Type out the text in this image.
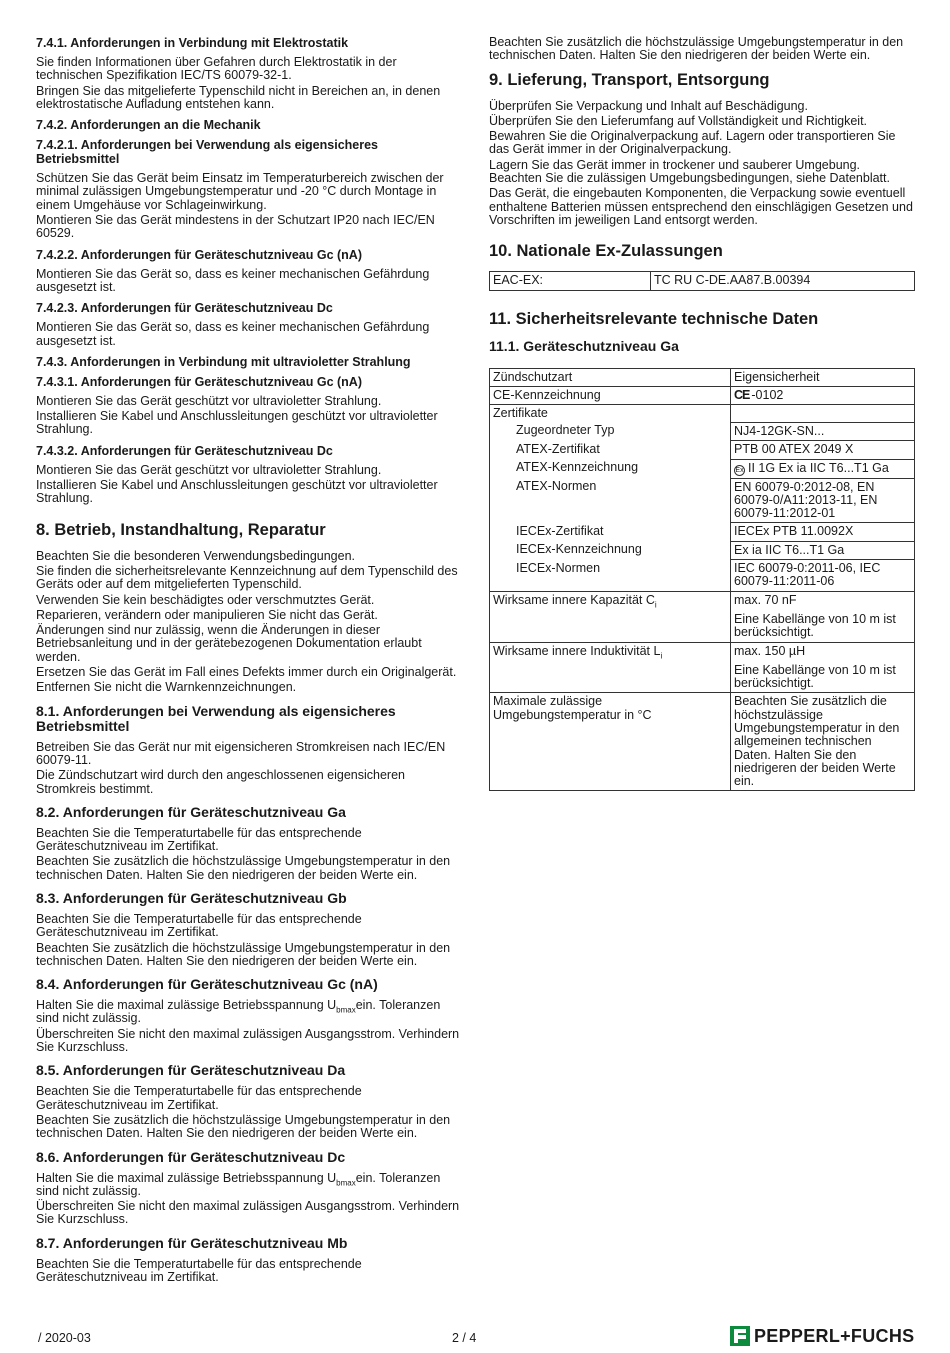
7.4.1. Anforderungen in Verbindung mit Elektrostatik
Sie finden Informationen über Gefahren durch Elektrostatik in der technischen Spezifikation IEC/TS 60079-32-1.
Bringen Sie das mitgelieferte Typenschild nicht in Bereichen an, in denen elektrostatische Aufladung entstehen kann.
7.4.2. Anforderungen an die Mechanik
7.4.2.1. Anforderungen bei Verwendung als eigensicheres Betriebsmittel
Schützen Sie das Gerät beim Einsatz im Temperaturbereich zwischen der minimal zulässigen Umgebungstemperatur und -20 °C durch Montage in einem Umgehäuse vor Schlageinwirkung.
Montieren Sie das Gerät mindestens in der Schutzart IP20 nach IEC/EN 60529.
7.4.2.2. Anforderungen für Geräteschutzniveau Gc (nA)
Montieren Sie das Gerät so, dass es keiner mechanischen Gefährdung ausgesetzt ist.
7.4.2.3. Anforderungen für Geräteschutzniveau Dc
Montieren Sie das Gerät so, dass es keiner mechanischen Gefährdung ausgesetzt ist.
7.4.3. Anforderungen in Verbindung mit ultravioletter Strahlung
7.4.3.1. Anforderungen für Geräteschutzniveau Gc (nA)
Montieren Sie das Gerät geschützt vor ultravioletter Strahlung.
Installieren Sie Kabel und Anschlussleitungen geschützt vor ultravioletter Strahlung.
7.4.3.2. Anforderungen für Geräteschutzniveau Dc
Montieren Sie das Gerät geschützt vor ultravioletter Strahlung.
Installieren Sie Kabel und Anschlussleitungen geschützt vor ultravioletter Strahlung.
8. Betrieb, Instandhaltung, Reparatur
Beachten Sie die besonderen Verwendungsbedingungen.
Sie finden die sicherheitsrelevante Kennzeichnung auf dem Typenschild des Geräts oder auf dem mitgelieferten Typenschild.
Verwenden Sie kein beschädigtes oder verschmutztes Gerät.
Reparieren, verändern oder manipulieren Sie nicht das Gerät.
Änderungen sind nur zulässig, wenn die Änderungen in dieser Betriebsanleitung und in der gerätebezogenen Dokumentation erlaubt werden.
Ersetzen Sie das Gerät im Fall eines Defekts immer durch ein Originalgerät.
Entfernen Sie nicht die Warnkennzeichnungen.
8.1. Anforderungen bei Verwendung als eigensicheres Betriebsmittel
Betreiben Sie das Gerät nur mit eigensicheren Stromkreisen nach IEC/EN 60079-11.
Die Zündschutzart wird durch den angeschlossenen eigensicheren Stromkreis bestimmt.
8.2. Anforderungen für Geräteschutzniveau Ga
Beachten Sie die Temperaturtabelle für das entsprechende Geräteschutzniveau im Zertifikat.
Beachten Sie zusätzlich die höchstzulässige Umgebungstemperatur in den technischen Daten. Halten Sie den niedrigeren der beiden Werte ein.
8.3. Anforderungen für Geräteschutzniveau Gb
Beachten Sie die Temperaturtabelle für das entsprechende Geräteschutzniveau im Zertifikat.
Beachten Sie zusätzlich die höchstzulässige Umgebungstemperatur in den technischen Daten. Halten Sie den niedrigeren der beiden Werte ein.
8.4. Anforderungen für Geräteschutzniveau Gc (nA)
Halten Sie die maximal zulässige Betriebsspannung $U_{bmax}ein$. Toleranzen sind nicht zulässig.
Überschreiten Sie nicht den maximal zulässigen Ausgangsstrom. Verhindern Sie Kurzschluss.
8.5. Anforderungen für Geräteschutzniveau Da
Beachten Sie die Temperaturtabelle für das entsprechende Geräteschutzniveau im Zertifikat.
Beachten Sie zusätzlich die höchstzulässige Umgebungstemperatur in den technischen Daten. Halten Sie den niedrigeren der beiden Werte ein.
8.6. Anforderungen für Geräteschutzniveau Dc
Halten Sie die maximal zulässige Betriebsspannung $U_{bmax}ein$. Toleranzen sind nicht zulässig.
Überschreiten Sie nicht den maximal zulässigen Ausgangsstrom. Verhindern Sie Kurzschluss.
8.7. Anforderungen für Geräteschutzniveau Mb
Beachten Sie die Temperaturtabelle für das entsprechende Geräteschutzniveau im Zertifikat.
Beachten Sie zusätzlich die höchstzulässige Umgebungstemperatur in den technischen Daten. Halten Sie den niedrigeren der beiden Werte ein.
9. Lieferung, Transport, Entsorgung
Überprüfen Sie Verpackung und Inhalt auf Beschädigung.
Überprüfen Sie den Lieferumfang auf Vollständigkeit und Richtigkeit.
Bewahren Sie die Originalverpackung auf. Lagern oder transportieren Sie das Gerät immer in der Originalverpackung.
Lagern Sie das Gerät immer in trockener und sauberer Umgebung. Beachten Sie die zulässigen Umgebungsbedingungen, siehe Datenblatt.
Das Gerät, die eingebauten Komponenten, die Verpackung sowie eventuell enthaltene Batterien müssen entsprechend den einschlägigen Gesetzen und Vorschriften im jeweiligen Land entsorgt werden.
10. Nationale Ex-Zulassungen
EAC-EX:	TC RU C-DE.AA87.B.00394
11. Sicherheitsrelevante technische Daten
11.1. Geräteschutzniveau Ga
Zündschutzart	Eigensicherheit
CE-Kennzeichnung	CE -0102
Zertifikate	
Zugeordneter Typ	NJ4-12GK-SN...
ATEX-Zertifikat	PTB 00 ATEX 2049 X
ATEX-Kennzeichnung	Ex II 1G Ex ia IIC T6...T1 Ga
ATEX-Normen	EN 60079-0:2012-08, EN 60079-0/A11:2013-11, EN 60079-11:2012-01
IECEx-Zertifikat	IECEx PTB 11.0092X
IECEx-Kennzeichnung	Ex ia IIC T6...T1 Ga
IECEx-Normen	IEC 60079-0:2011-06, IEC 60079-11:2011-06
Wirksame innere Kapazität $C_i$	max. 70 nF
Eine Kabellänge von 10 m ist berücksichtigt.

Wirksame innere Induktivität $L_i$	max. 150 µH
Eine Kabellänge von 10 m ist berücksichtigt.

Maximale zulässige Umgebungstemperatur in °C	Beachten Sie zusätzlich die höchstzulässige Umgebungstemperatur in den allgemeinen technischen Daten. Halten Sie den niedrigeren der beiden Werte ein.
/ 2020-03	2 / 4	PEPPERL+FUCHS
